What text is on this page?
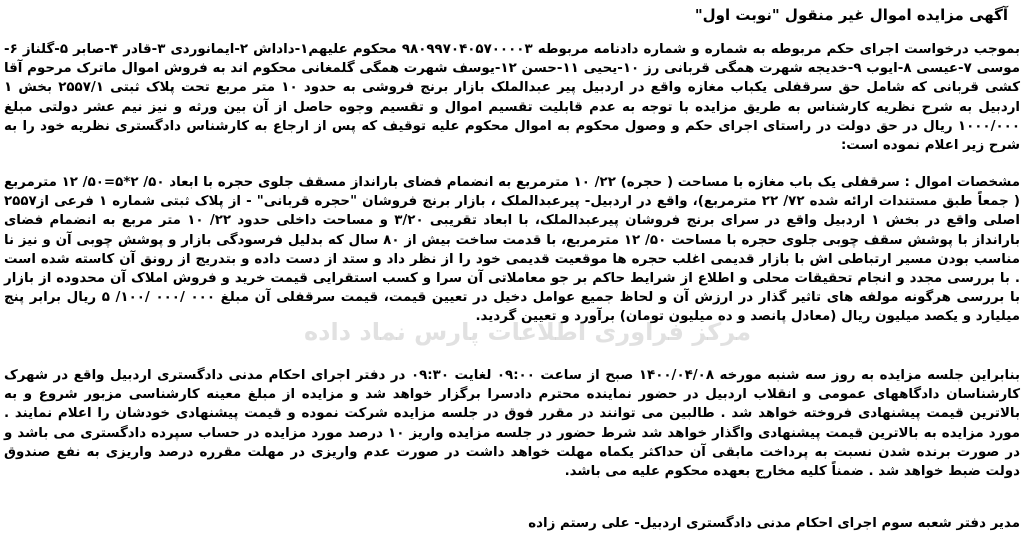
آگهی مزایده اموال غیر منقول "نوبت اول"

بموجب درخواست اجرای حکم مربوطه به شماره و شماره دادنامه مربوطه ۹۸۰۹۹۷۰۴۰۵۷۰۰۰۰۳ محکوم علیهم۱-داداش ۲-ایمانوردی ۳-قادر ۴-صابر ۵-گلناز ۶-موسی ۷-عیسی ۸-ایوب ۹-خدیجه شهرت همگی قربانی رز ۱۰-یحیی ۱۱-حسن ۱۲-یوسف شهرت همگی گلمغانی محکوم اند به فروش اموال ماترک مرحوم آقا کشی قربانی که شامل حق سرقفلی یکباب مغازه واقع در اردبیل پیر عبدالملک بازار برنج فروشی به حدود ۱۰ متر مربع تحت پلاک ثبتی ۲۵۵۷/۱ بخش ۱ اردبیل به شرح نظریه کارشناس به طریق مزایده با توجه به عدم قابلیت تقسیم اموال و تقسیم وجوه حاصل از آن بین ورثه و نیز نیم عشر دولتی مبلغ ۱۰۰۰/۰۰۰ ریال در حق دولت در راستای اجرای حکم و وصول محکوم به اموال محکوم علیه توقیف که پس از ارجاع به کارشناس دادگستری نظریه خود را به شرح زیر اعلام نموده است:

مشخصات اموال : سرقفلی یک باب مغازه با مساحت ( حجره) ۲۲/ ۱۰ مترمربع به انضمام فضای بارانداز مسقف جلوی حجره با ابعاد ۵۰/ ۲*۵=۵۰/ ۱۲ مترمربع ( جمعاً طبق مستندات ارائه شده ۷۲/ ۲۲ مترمربع)، واقع در اردبیل- پیرعبدالملک ، بازار برنج فروشان "حجره قربانی" - از پلاک ثبتی شماره ۱ فرعی از۲۵۵۷ اصلی واقع در بخش ۱ اردبیل واقع در سرای برنج فروشان پیرعبدالملک، با ابعاد تقریبی ۳/۲۰ و مساحت داخلی حدود ۲۲/ ۱۰ متر مربع به انضمام فضای بارانداز با پوشش سقف چوبی جلوی حجره با مساحت ۵۰/ ۱۲ مترمربع، با قدمت ساخت بیش از ۸۰ سال که بدلیل فرسودگی بازار و پوشش چوبی آن و نیز نا مناسب بودن مسیر ارتباطی اش با بازار قدیمی اغلب حجره ها موقعیت قدیمی خود را از نظر داد و ستد از دست داده و بتدریج از رونق آن کاسته شده است . با بررسی مجدد و انجام تحقیقات محلی و اطلاع از شرایط حاکم بر جو معاملاتی آن سرا و کسب استقرایی قیمت خرید و فروش املاک آن محدوده از بازار با بررسی هرگونه مولفه های تاثیر گذار در ارزش آن و لحاظ جمیع عوامل دخیل در تعیین قیمت، قیمت سرقفلی آن مبلغ ۰۰۰ /۰۰۰ /۱۰۰/ ۵ ریال برابر پنج میلیارد و یکصد میلیون ریال (معادل پانصد و ده میلیون تومان) برآورد و تعیین گردید.

مرکز فراوری اطلاعات پارس نماد داده

بنابراین جلسه مزایده به روز سه شنبه مورخه ۱۴۰۰/۰۴/۰۸ صبح از ساعت ۰۹:۰۰ لغایت ۰۹:۳۰ در دفتر اجرای احکام مدنی دادگستری اردبیل واقع در شهرک کارشناسان دادگاههای عمومی و انقلاب اردبیل در حضور نماینده محترم دادسرا برگزار خواهد شد و مزایده از مبلغ معینه کارشناسی مزبور شروع و به بالاترین قیمت پیشنهادی فروخته خواهد شد . طالبین می توانند در مقرر فوق در جلسه مزایده شرکت نموده و قیمت پیشنهادی خودشان را اعلام نمایند . مورد مزایده به بالاترین قیمت پیشنهادی واگذار خواهد شد شرط حضور در جلسه مزایده واریز ۱۰ درصد مورد مزایده در حساب سپرده دادگستری می باشد و در صورت برنده شدن نسبت به پرداخت مابقی آن حداکثر یکماه مهلت خواهد داشت در صورت عدم واریزی در مهلت مقرره درصد واریزی به نفع صندوق دولت ضبط خواهد شد . ضمناً کلیه مخارج بعهده محکوم علیه می باشد.

مدیر دفتر شعبه سوم اجرای احکام مدنی دادگستری اردبیل- علی رستم زاده
